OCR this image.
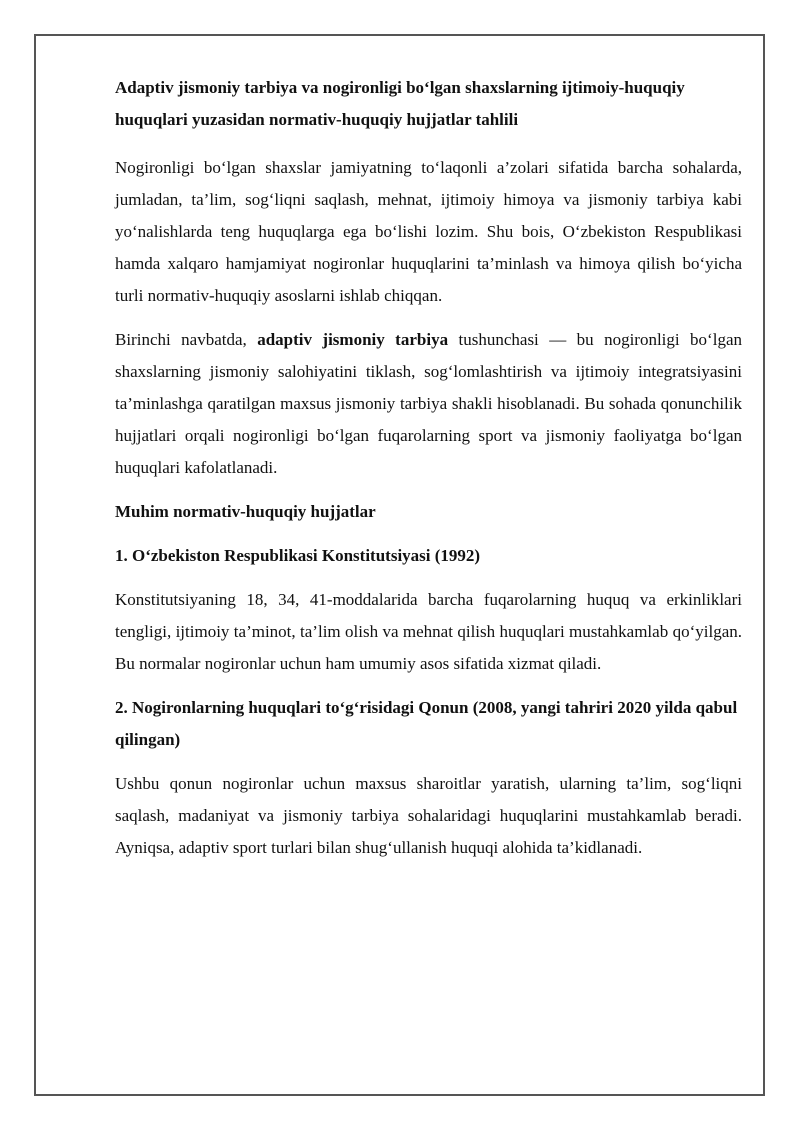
Adaptiv jismoniy tarbiya va nogironligi bo‘lgan shaxslarning ijtimoiy-huquqiy huquqlari yuzasidan normativ-huquqiy hujjatlar tahlili

Nogironligi bo‘lgan shaxslar jamiyatning to‘laqonli a’zolari sifatida barcha sohalarda, jumladan, ta’lim, sog‘liqni saqlash, mehnat, ijtimoiy himoya va jismoniy tarbiya kabi yo‘nalishlarda teng huquqlarga ega bo‘lishi lozim. Shu bois, O‘zbekiston Respublikasi hamda xalqaro hamjamiyat nogironlar huquqlarini ta’minlash va himoya qilish bo‘yicha turli normativ-huquqiy asoslarni ishlab chiqqan.

Birinchi navbatda, adaptiv jismoniy tarbiya tushunchasi — bu nogironligi bo‘lgan shaxslarning jismoniy salohiyatini tiklash, sog‘lomlashtirish va ijtimoiy integratsiyasini ta’minlashga qaratilgan maxsus jismoniy tarbiya shakli hisoblanadi. Bu sohada qonunchilik hujjatlari orqali nogironligi bo‘lgan fuqarolarning sport va jismoniy faoliyatga bo‘lgan huquqlari kafolatlanadi.

Muhim normativ-huquqiy hujjatlar

1. O‘zbekiston Respublikasi Konstitutsiyasi (1992)

Konstitutsiyaning 18, 34, 41-moddalarida barcha fuqarolarning huquq va erkinliklari tengligi, ijtimoiy ta’minot, ta’lim olish va mehnat qilish huquqlari mustahkamlab qo‘yilgan. Bu normalar nogironlar uchun ham umumiy asos sifatida xizmat qiladi.

2. Nogironlarning huquqlari to‘g‘risidagi Qonun (2008, yangi tahriri 2020 yilda qabul qilingan)

Ushbu qonun nogironlar uchun maxsus sharoitlar yaratish, ularning ta’lim, sog‘liqni saqlash, madaniyat va jismoniy tarbiya sohalaridagi huquqlarini mustahkamlab beradi. Ayniqsa, adaptiv sport turlari bilan shug‘ullanish huquqi alohida ta’kidlanadi.
